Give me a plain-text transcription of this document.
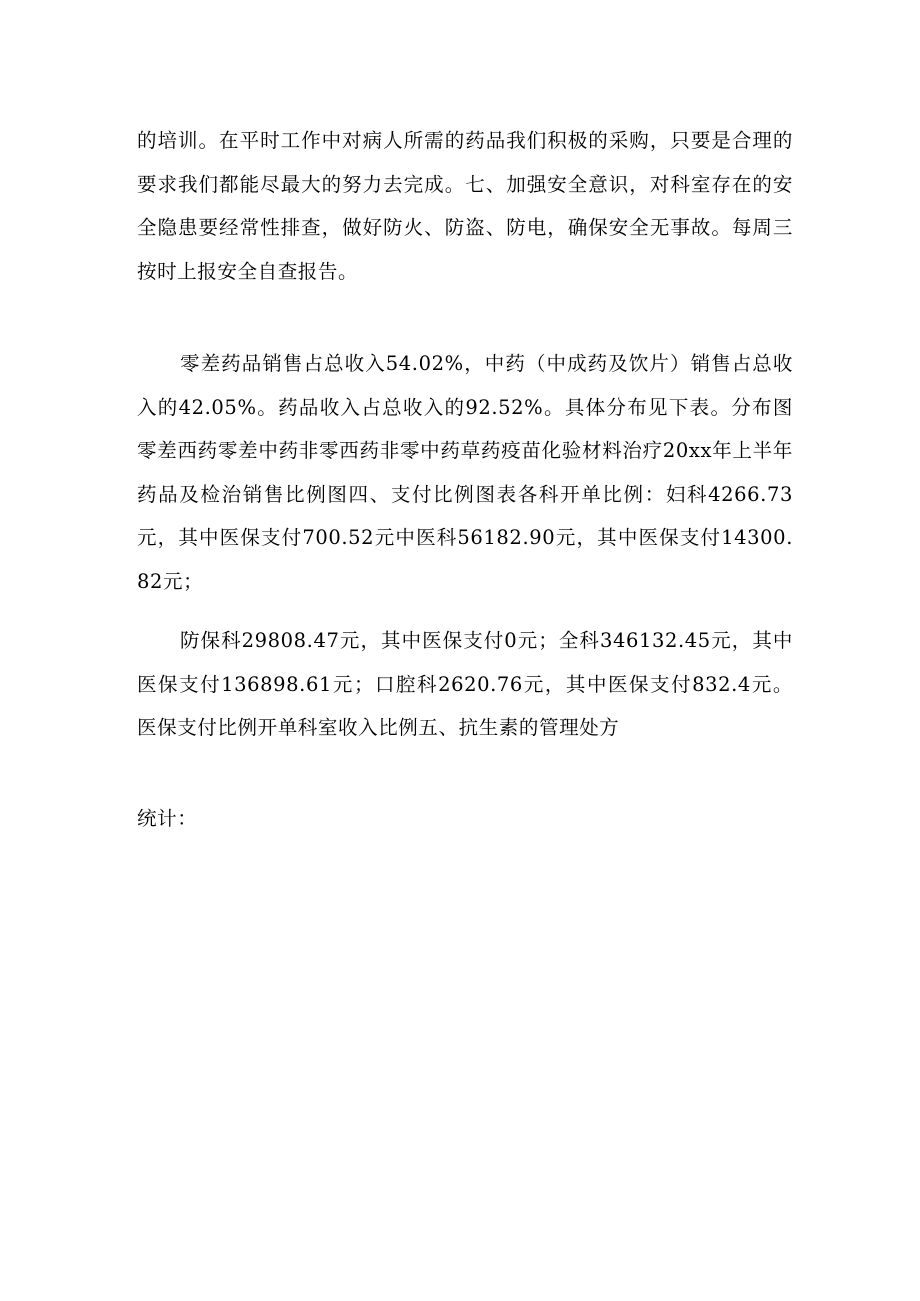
的培训。在平时工作中对病人所需的药品我们积极的采购，只要是合理的要求我们都能尽最大的努力去完成。七、加强安全意识，对科室存在的安全隐患要经常性排查，做好防火、防盗、防电，确保安全无事故。每周三按时上报安全自查报告。

零差药品销售占总收入54.02%，中药（中成药及饮片）销售占总收入的42.05%。药品收入占总收入的92.52%。具体分布见下表。分布图零差西药零差中药非零西药非零中药草药疫苗化验材料治疗20xx年上半年药品及检治销售比例图四、支付比例图表各科开单比例：妇科4266.73元，其中医保支付700.52元中医科56182.90元，其中医保支付14300.82元；

防保科29808.47元，其中医保支付0元；全科346132.45元，其中医保支付136898.61元；口腔科2620.76元，其中医保支付832.4元。医保支付比例开单科室收入比例五、抗生素的管理处方

统计：
